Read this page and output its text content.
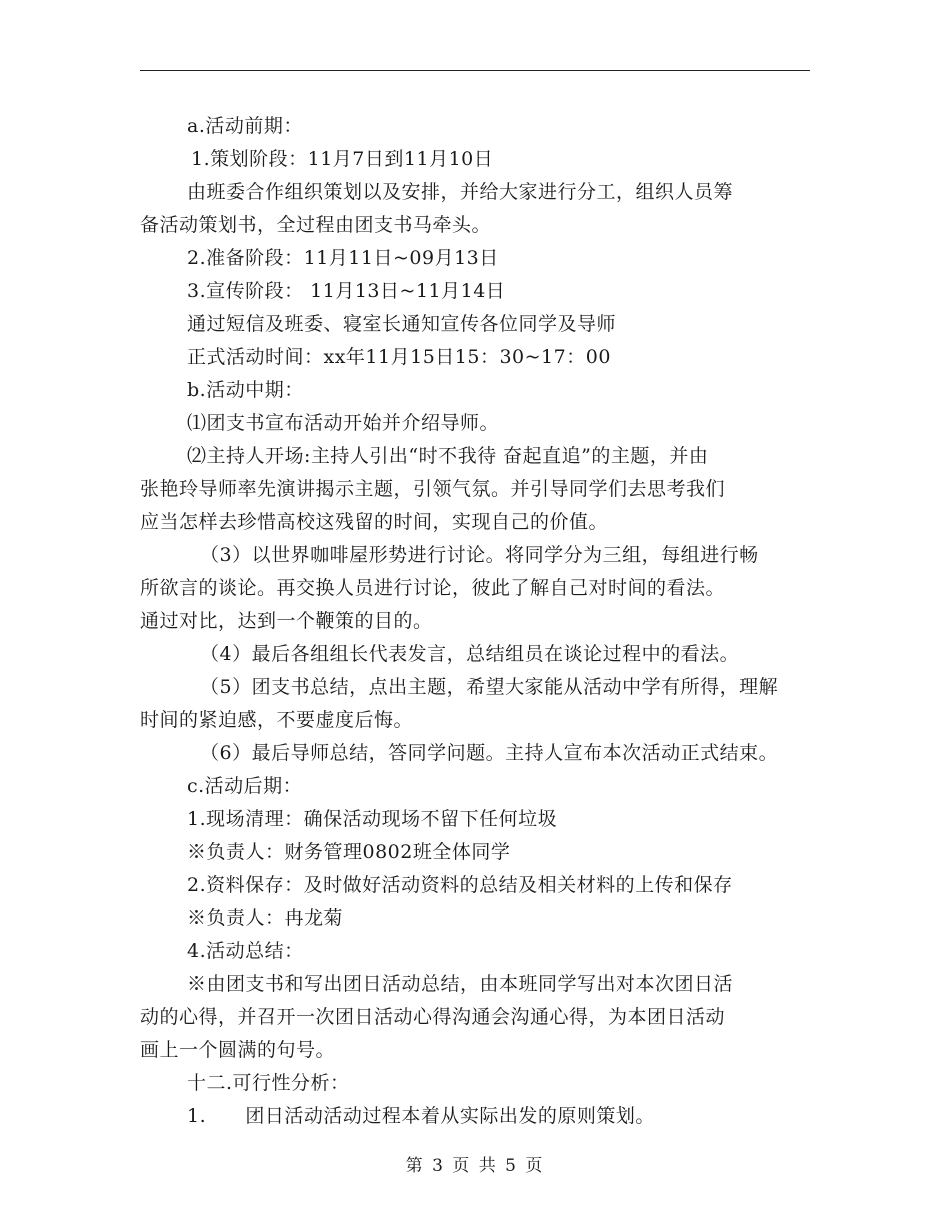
a.活动前期：

1.策划阶段：11月7日到11月10日

由班委合作组织策划以及安排，并给大家进行分工，组织人员筹

备活动策划书，全过程由团支书马牵头。

2.准备阶段：11月11日~09月13日

3.宣传阶段： 11月13日~11月14日

通过短信及班委、寝室长通知宣传各位同学及导师

正式活动时间：xx年11月15日15：30~17：00

b.活动中期：

⑴团支书宣布活动开始并介绍导师。

⑵主持人开场:主持人引出“时不我待 奋起直追”的主题，并由

张艳玲导师率先演讲揭示主题，引领气氛。并引导同学们去思考我们

应当怎样去珍惜高校这残留的时间，实现自己的价值。

（3）以世界咖啡屋形势进行讨论。将同学分为三组，每组进行畅

所欲言的谈论。再交换人员进行讨论，彼此了解自己对时间的看法。

通过对比，达到一个鞭策的目的。

（4）最后各组组长代表发言，总结组员在谈论过程中的看法。

（5）团支书总结，点出主题，希望大家能从活动中学有所得，理解

时间的紧迫感，不要虚度后悔。

（6）最后导师总结，答同学问题。主持人宣布本次活动正式结束。

c.活动后期：

1.现场清理：确保活动现场不留下任何垃圾

※负责人：财务管理0802班全体同学

2.资料保存：及时做好活动资料的总结及相关材料的上传和保存

※负责人：冉龙菊

4.活动总结：

※由团支书和写出团日活动总结，由本班同学写出对本次团日活

动的心得，并召开一次团日活动心得沟通会沟通心得，为本团日活动

画上一个圆满的句号。

十二.可行性分析：

1.      团日活动活动过程本着从实际出发的原则策划。

第 3 页 共 5 页
